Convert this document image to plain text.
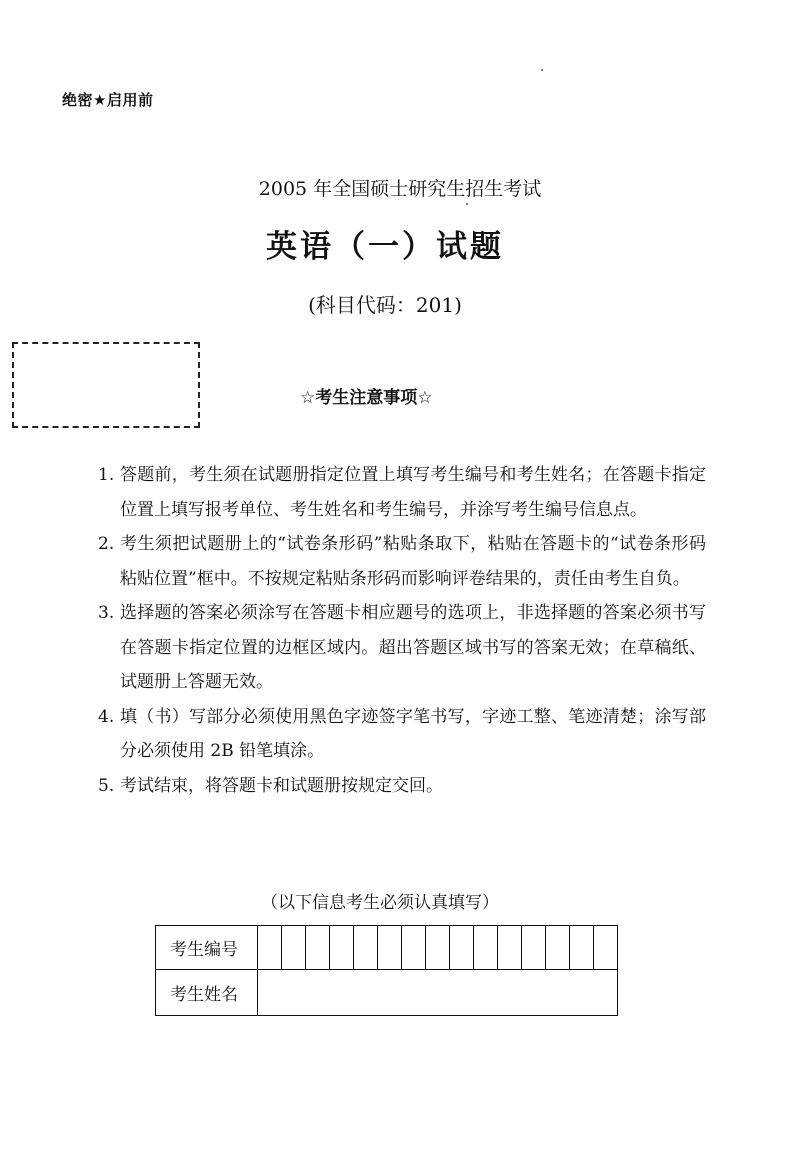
绝密★启用前
2005 年全国硕士研究生招生考试
英语（一）试题
(科目代码：201)
☆考生注意事项☆
1. 答题前，考生须在试题册指定位置上填写考生编号和考生姓名；在答题卡指定位置上填写报考单位、考生姓名和考生编号，并涂写考生编号信息点。
2. 考生须把试题册上的“试卷条形码”粘贴条取下，粘贴在答题卡的“试卷条形码粘贴位置”框中。不按规定粘贴条形码而影响评卷结果的，责任由考生自负。
3. 选择题的答案必须涂写在答题卡相应题号的选项上，非选择题的答案必须书写在答题卡指定位置的边框区域内。超出答题区域书写的答案无效；在草稿纸、试题册上答题无效。
4. 填（书）写部分必须使用黑色字迹签字笔书写，字迹工整、笔迹清楚；涂写部分必须使用 2B 铅笔填涂。
5. 考试结束，将答题卡和试题册按规定交回。
（以下信息考生必须认真填写）
考生编号															
考生姓名															
